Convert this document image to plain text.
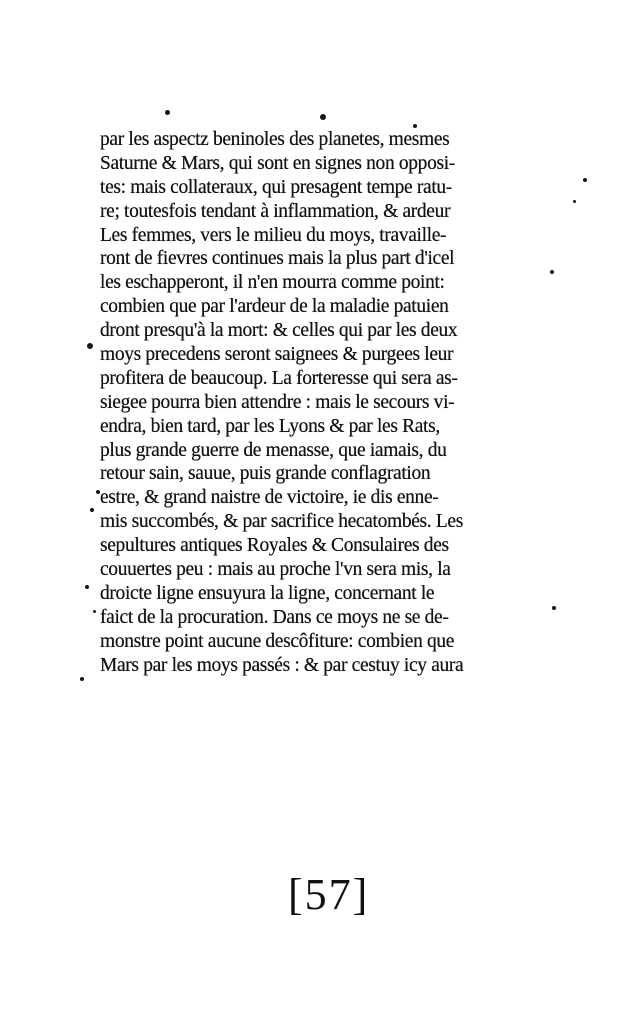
par les aspectz beninoles des planetes, mesmes
Saturne & Mars, qui sont en signes non opposi-
tes: mais collateraux, qui presagent tempe ratu-
re; toutesfois tendant à inflammation, & ardeur
Les femmes, vers le milieu du moys, travaille-
ront de fievres continues mais la plus part d'icel
les eschapperont, il n'en mourra comme point:
combien que par l'ardeur de la maladie patuien
dront presqu'à la mort: & celles qui par les deux
moys precedens seront saignees & purgees leur
profitera de beaucoup. La forteresse qui sera as-
siegee pourra bien attendre : mais le secours vi-
endra, bien tard, par les Lyons & par les Rats,
plus grande guerre de menasse, que iamais, du
retour sain, sauue, puis grande conflagration
estre, & grand naistre de victoire, ie dis enne-
mis succombés, & par sacrifice hecatombés. Les
sepultures antiques Royales & Consulaires des
couuertes peu : mais au proche l'vn sera mis, la
droicte ligne ensuyura la ligne, concernant le
faict de la procuration. Dans ce moys ne se de-
monstre point aucune descôfiture: combien que
Mars par les moys passés : & par cestuy icy aura
[57]
